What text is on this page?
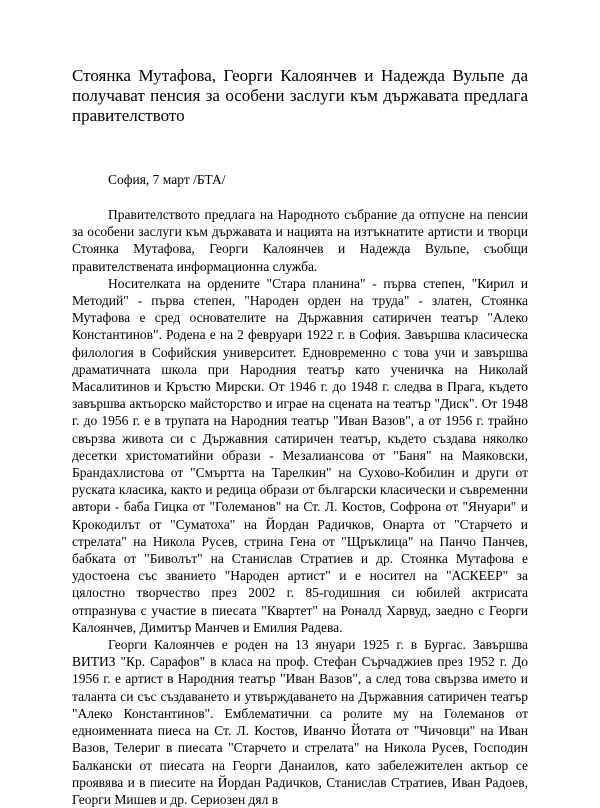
Стоянка Мутафова, Георги Калоянчев и Надежда Вульпе да получават пенсия за особени заслуги към държавата предлага правителството

София, 7 март /БТА/

Правителството предлага на Народното събрание да отпусне на пенсии за особени заслуги към държавата и нацията на изтъкнатите артисти и творци Стоянка Мутафова, Георги Калоянчев и Надежда Вульпе, съобщи правителствената информационна служба.

Носителката на ордените "Стара планина" - първа степен, "Кирил и Методий" - първа степен, "Народен орден на труда" - златен, Стоянка Мутафова е сред основателите на Държавния сатиричен театър "Алеко Константинов". Родена е на 2 февруари 1922 г. в София. Завършва класическа филология в Софийския университет. Едновременно с това учи и завършва драматичната школа при Народния театър като ученичка на Николай Масалитинов и Кръстю Мирски. От 1946 г. до 1948 г. следва в Прага, където завършва актьорско майсторство и играе на сцената на театър "Диск". От 1948 г. до 1956 г. е в трупата на Народния театър "Иван Вазов", а от 1956 г. трайно свързва живота си с Държавния сатиричен театър, където създава няколко десетки христоматийни образи - Мезалиансова от "Баня" на Маяковски, Брандахлистова от "Смъртта на Тарелкин" на Сухово-Кобилин и други от руската класика, както и редица образи от български класически и съвременни автори - баба Гицка от "Големанов" на Ст. Л. Костов, Софрона от "Януари" и Крокодилът от "Суматоха" на Йордан Радичков, Онарта от "Старчето и стрелата" на Никола Русев, стрина Гена от "Щръклица" на Панчо Панчев, бабката от "Биволът" на Станислав Стратиев и др. Стоянка Мутафова е удостоена със званието "Народен артист" и е носител на "АСКЕЕР" за цялостно творчество през 2002 г. 85-годишния си юбилей актрисата отпразнува с участие в пиесата "Квартет" на Роналд Харвуд, заедно с Георги Калоянчев, Димитър Манчев и Емилия Радева.

Георги Калоянчев е роден на 13 януари 1925 г. в Бургас. Завършва ВИТИЗ "Кр. Сарафов" в класа на проф. Стефан Сърчаджиев през 1952 г. До 1956 г. е артист в Народния театър "Иван Вазов", а след това свързва името и таланта си със създаването и утвърждаването на Държавния сатиричен театър "Алеко Константинов". Емблематични са ролите му на Големанов от едноименната пиеса на Ст. Л. Костов, Иванчо Йотата от "Чичовци" на Иван Вазов, Телериг в пиесата "Старчето и стрелата" на Никола Русев, Господин Балкански от пиесата на Георги Данаилов, като забележителен актьор се проявява и в пиесите на Йордан Радичков, Станислав Стратиев, Иван Радоев, Георги Мишев и др. Сериозен дял в
